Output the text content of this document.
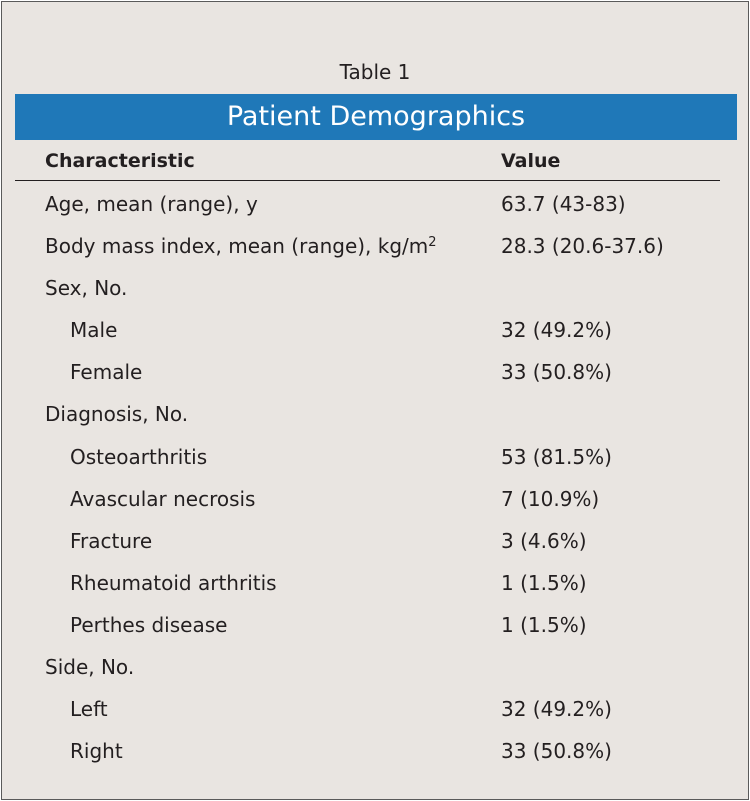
Table 1
Patient Demographics
Characteristic	Value
Age, mean (range), y	63.7 (43-83)
Body mass index, mean (range), $kg/m^2$	28.3 (20.6-37.6)
Sex, No.
Male	32 (49.2%)
Female	33 (50.8%)
Diagnosis, No.
Osteoarthritis	53 (81.5%)
Avascular necrosis	7 (10.9%)
Fracture	3 (4.6%)
Rheumatoid arthritis	1 (1.5%)
Perthes disease	1 (1.5%)
Side, No.
Left	32 (49.2%)
Right	33 (50.8%)
